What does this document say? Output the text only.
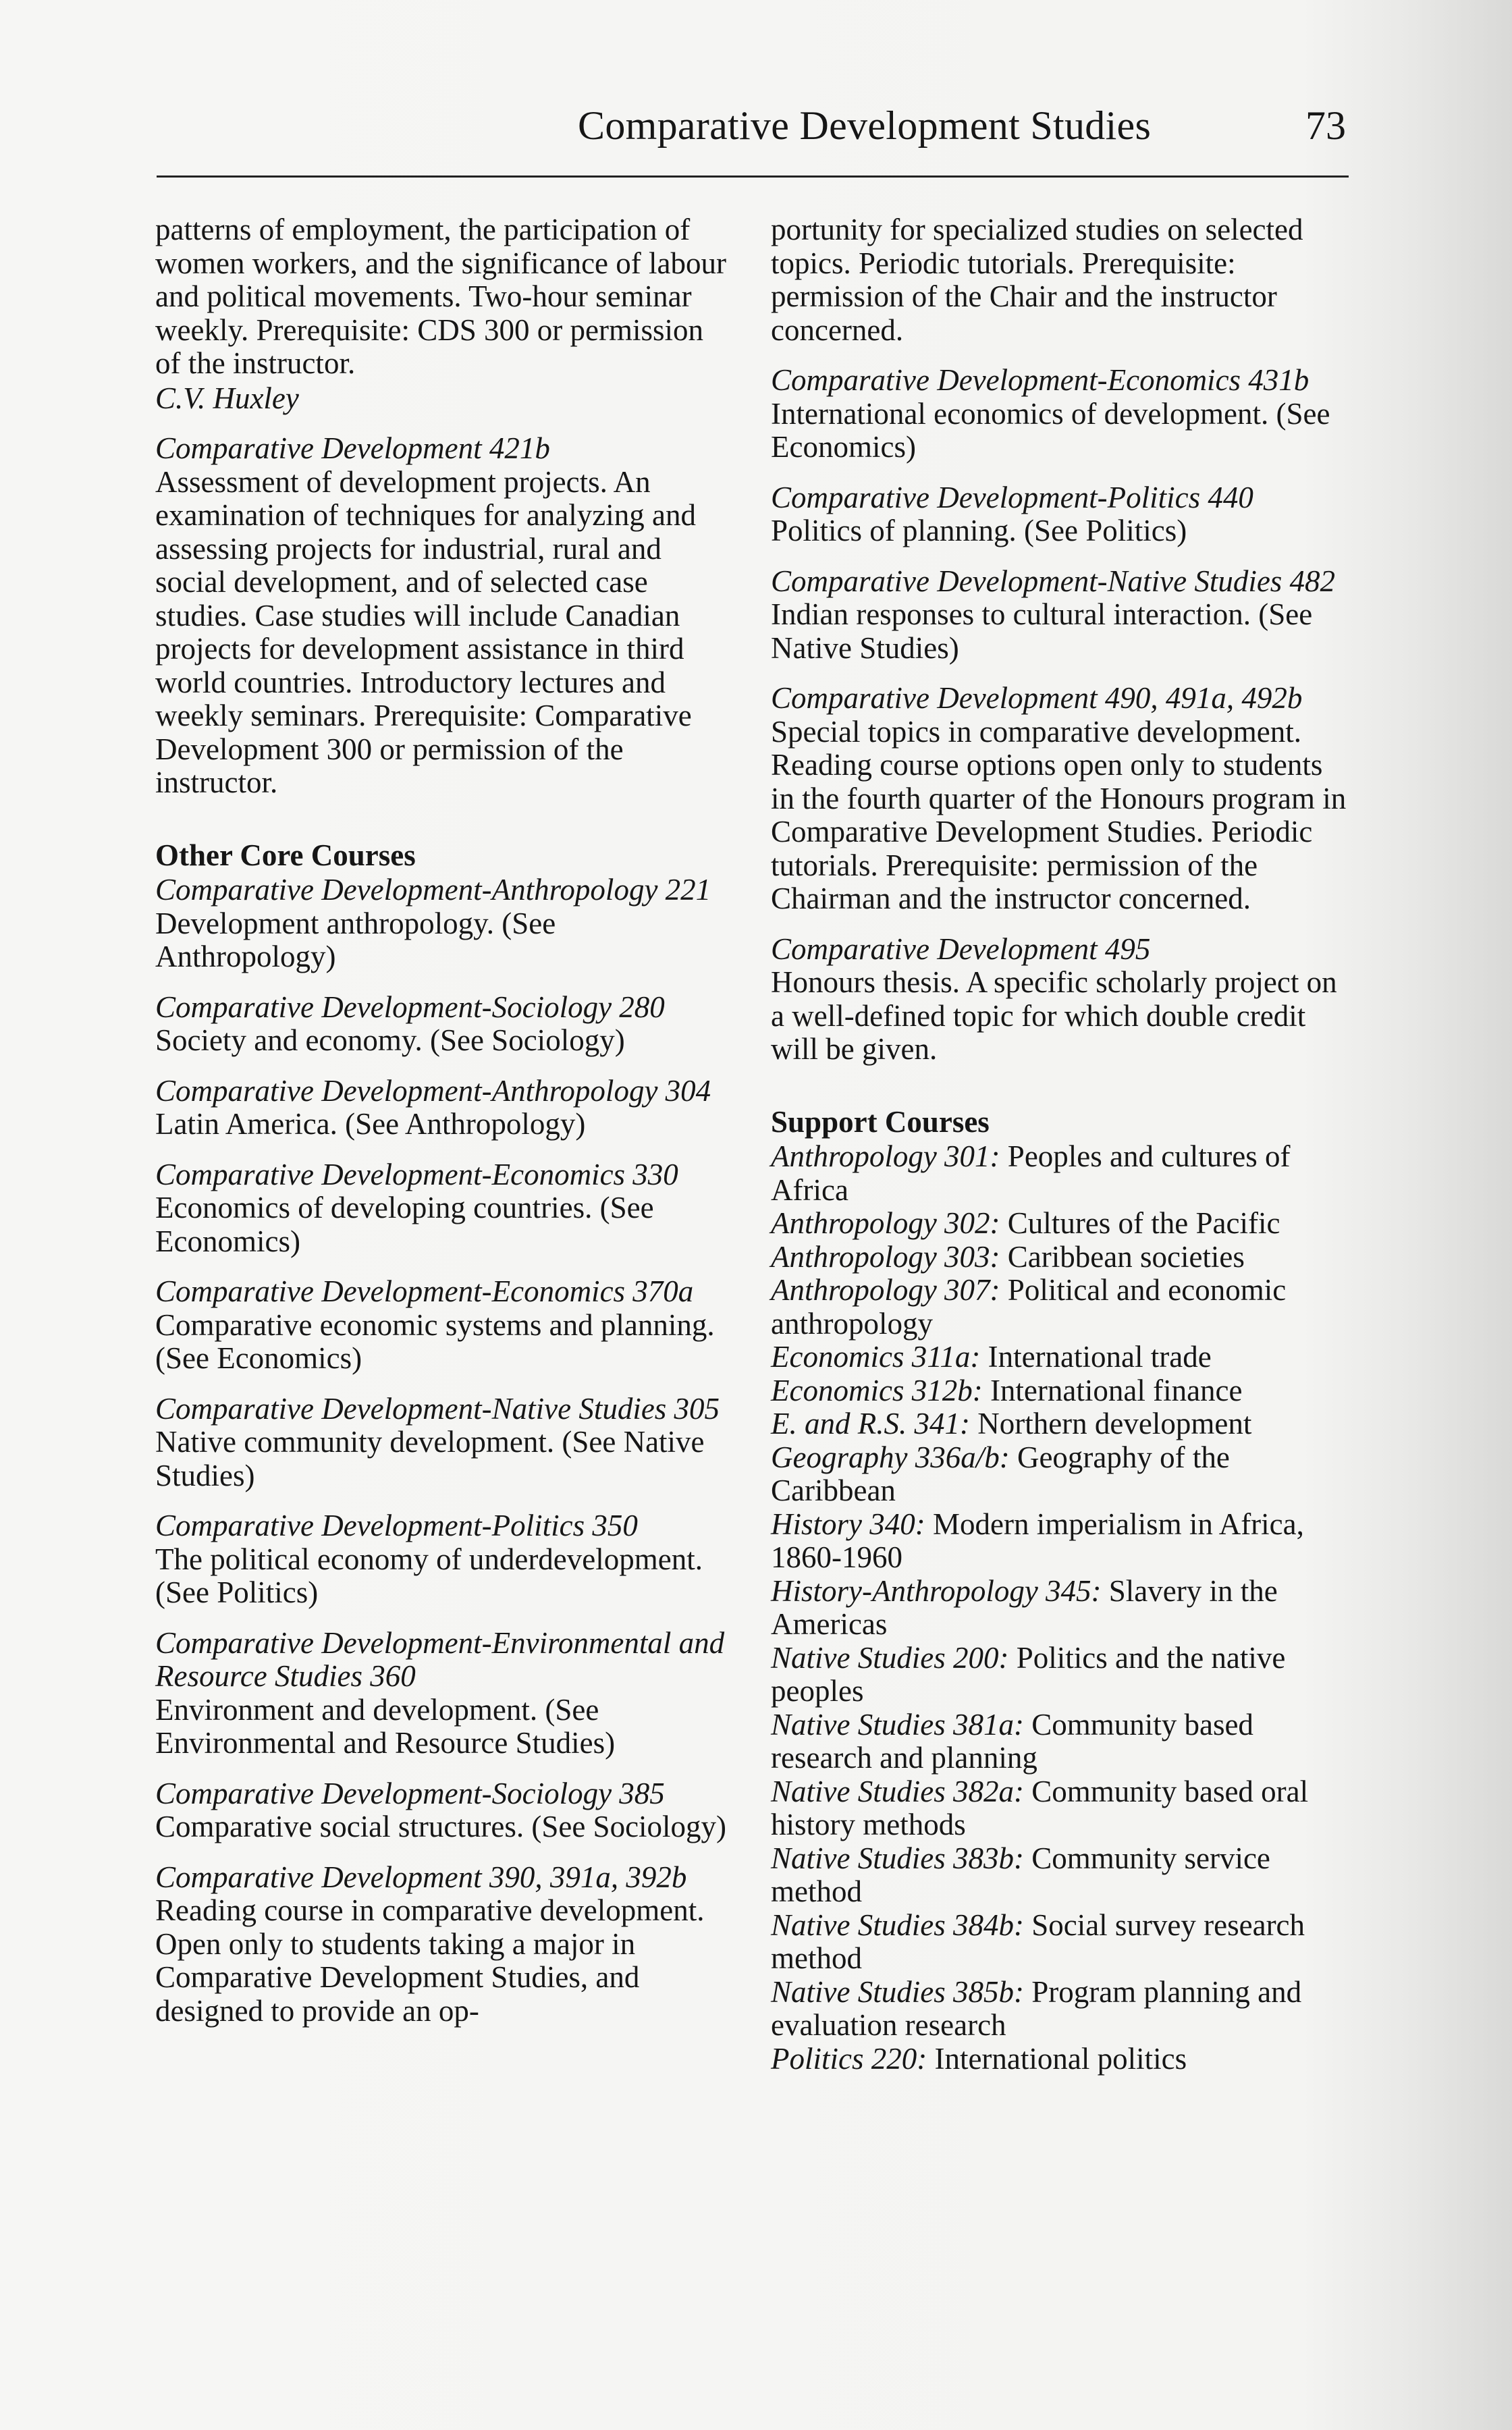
Comparative Development Studies	73
patterns of employment, the participation of women workers, and the significance of labour and political movements. Two-hour seminar weekly. Prerequisite: CDS 300 or permission of the instructor.
C.V. Huxley
Comparative Development 421b
Assessment of development projects. An examination of techniques for analyzing and assessing projects for industrial, rural and social development, and of selected case studies. Case studies will include Canadian projects for development assistance in third world countries. Introductory lectures and weekly seminars. Prerequisite: Comparative Development 300 or permission of the instructor.
Other Core Courses
Comparative Development-Anthropology 221
Development anthropology. (See Anthropology)
Comparative Development-Sociology 280
Society and economy. (See Sociology)
Comparative Development-Anthropology 304
Latin America. (See Anthropology)
Comparative Development-Economics 330
Economics of developing countries. (See Economics)
Comparative Development-Economics 370a
Comparative economic systems and planning. (See Economics)
Comparative Development-Native Studies 305
Native community development. (See Native Studies)
Comparative Development-Politics 350
The political economy of underdevelopment. (See Politics)
Comparative Development-Environmental and Resource Studies 360
Environment and development. (See Environmental and Resource Studies)
Comparative Development-Sociology 385
Comparative social structures. (See Sociology)
Comparative Development 390, 391a, 392b
Reading course in comparative development. Open only to students taking a major in Comparative Development Studies, and designed to provide an op-
portunity for specialized studies on selected topics. Periodic tutorials. Prerequisite: permission of the Chair and the instructor concerned.
Comparative Development-Economics 431b
International economics of development. (See Economics)
Comparative Development-Politics 440
Politics of planning. (See Politics)
Comparative Development-Native Studies 482
Indian responses to cultural interaction. (See Native Studies)
Comparative Development 490, 491a, 492b
Special topics in comparative development. Reading course options open only to students in the fourth quarter of the Honours program in Comparative Development Studies. Periodic tutorials. Prerequisite: permission of the Chairman and the instructor concerned.
Comparative Development 495
Honours thesis. A specific scholarly project on a well-defined topic for which double credit will be given.
Support Courses
Anthropology 301: Peoples and cultures of Africa
Anthropology 302: Cultures of the Pacific
Anthropology 303: Caribbean societies
Anthropology 307: Political and economic anthropology
Economics 311a: International trade
Economics 312b: International finance
E. and R.S. 341: Northern development
Geography 336a/b: Geography of the Caribbean
History 340: Modern imperialism in Africa, 1860-1960
History-Anthropology 345: Slavery in the Americas
Native Studies 200: Politics and the native peoples
Native Studies 381a: Community based research and planning
Native Studies 382a: Community based oral history methods
Native Studies 383b: Community service method
Native Studies 384b: Social survey research method
Native Studies 385b: Program planning and evaluation research
Politics 220: International politics
